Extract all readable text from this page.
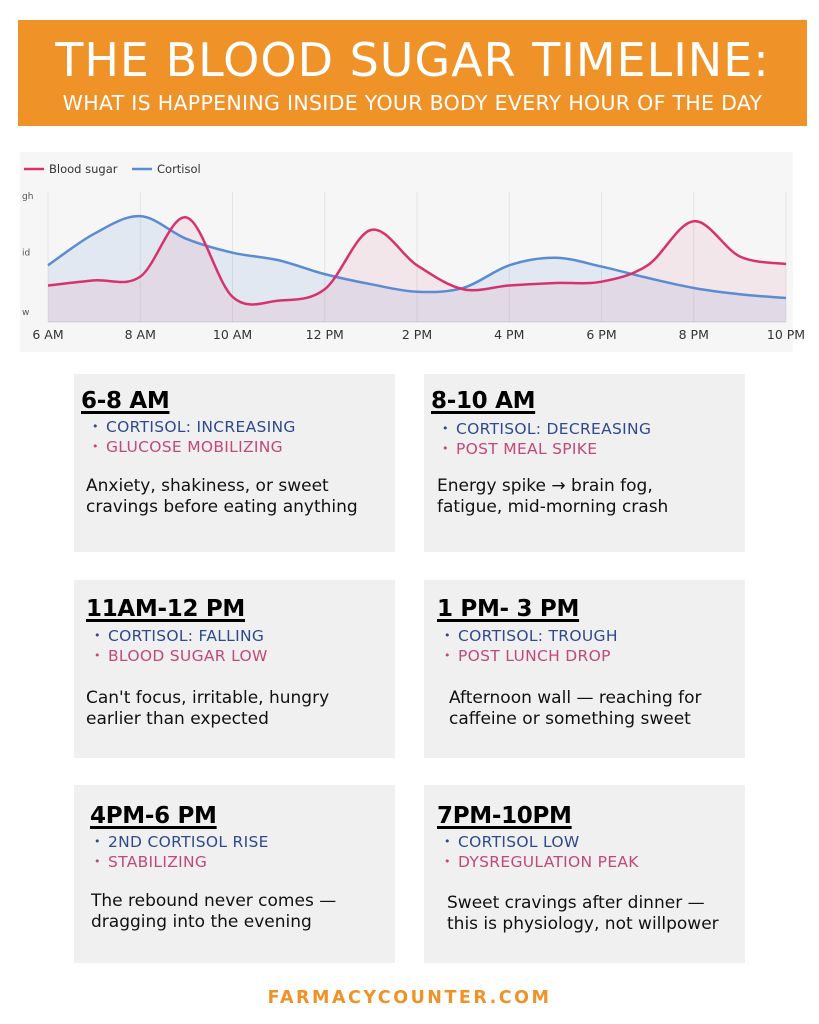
THE BLOOD SUGAR TIMELINE:
WHAT IS HAPPENING INSIDE YOUR BODY EVERY HOUR OF THE DAY
6 AM	8 AM	10 AM	12 PM	2 PM	4 PM	6 PM	8 PM	10 PM
gh
id
w
Blood sugar	Cortisol
6-8 AM
• CORTISOL: INCREASING
• GLUCOSE MOBILIZING
Anxiety, shakiness, or sweet cravings before eating anything
8-10 AM
• CORTISOL: DECREASING
• POST MEAL SPIKE
Energy spike → brain fog, fatigue, mid-morning crash
11AM-12 PM
• CORTISOL: FALLING
• BLOOD SUGAR LOW
Can't focus, irritable, hungry earlier than expected
1 PM- 3 PM
• CORTISOL: TROUGH
• POST LUNCH DROP
Afternoon wall — reaching for caffeine or something sweet
4PM-6 PM
• 2ND CORTISOL RISE
• STABILIZING
The rebound never comes — dragging into the evening
7PM-10PM
• CORTISOL LOW
• DYSREGULATION PEAK
Sweet cravings after dinner — this is physiology, not willpower
FARMACYCOUNTER.COM
